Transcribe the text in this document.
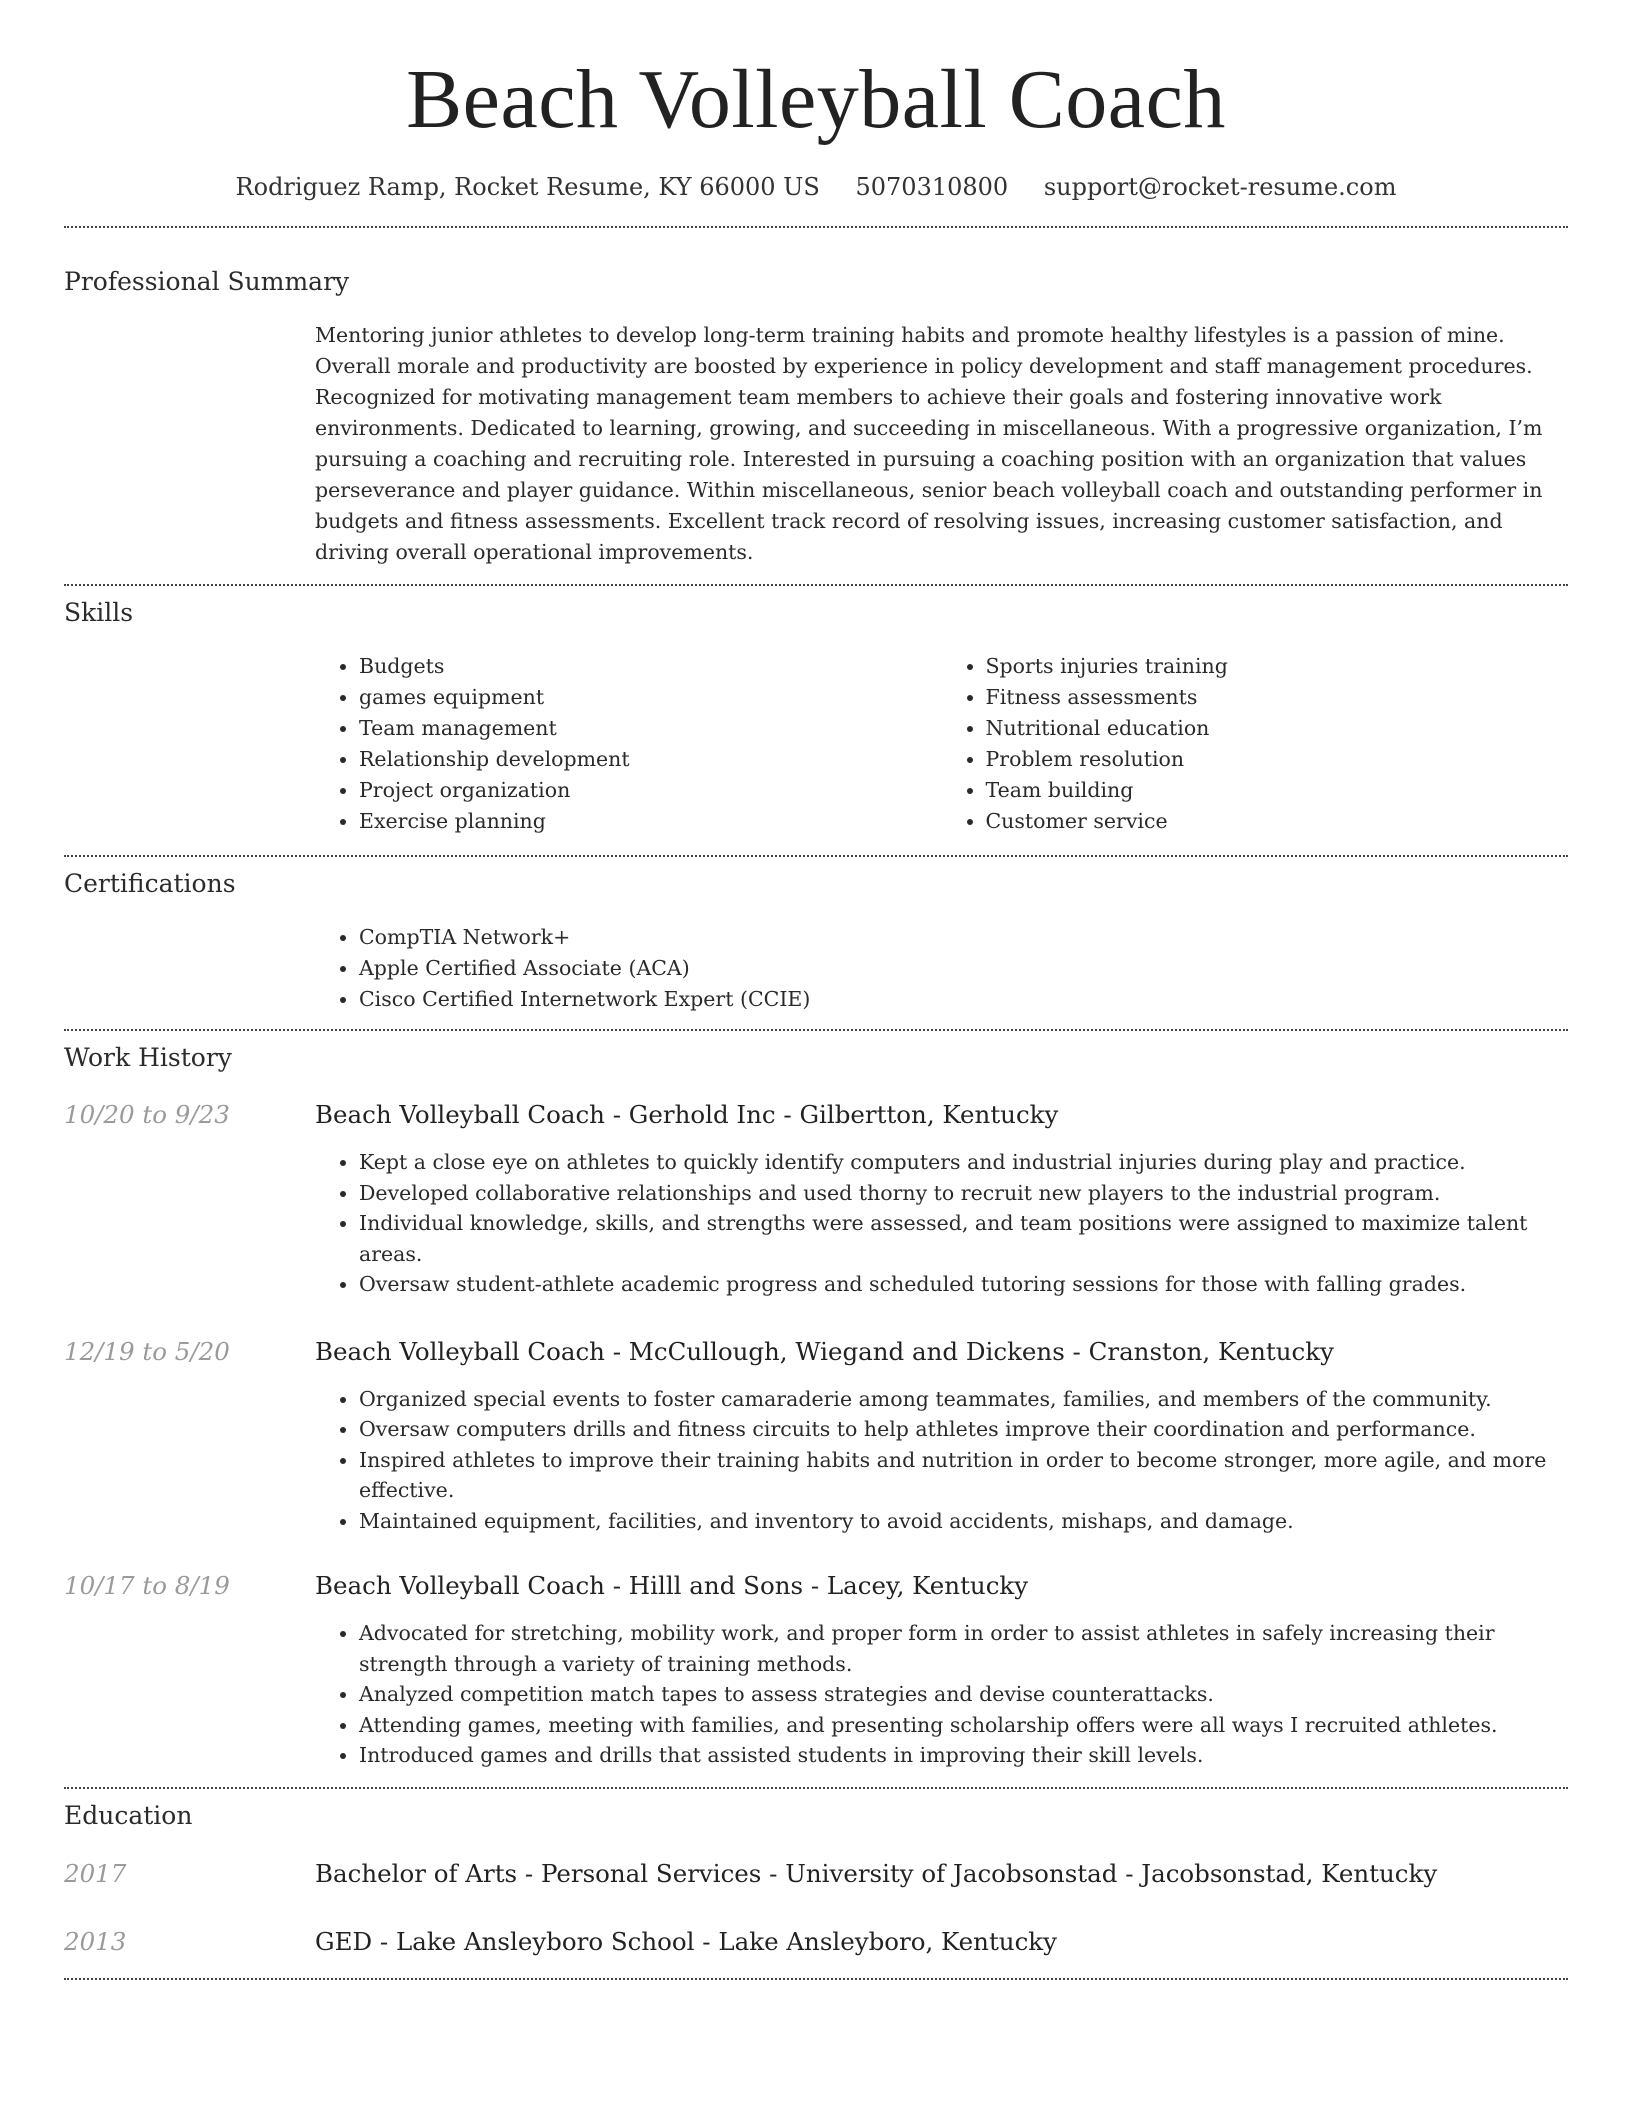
Beach Volleyball Coach
Rodriguez Ramp, Rocket Resume, KY 66000 US 5070310800 support@rocket-resume.com
Professional Summary

Mentoring junior athletes to develop long-term training habits and promote healthy lifestyles is a passion of mine. Overall morale and productivity are boosted by experience in policy development and staff management procedures. Recognized for motivating management team members to achieve their goals and fostering innovative work environments. Dedicated to learning, growing, and succeeding in miscellaneous. With a progressive organization, I’m pursuing a coaching and recruiting role. Interested in pursuing a coaching position with an organization that values perseverance and player guidance. Within miscellaneous, senior beach volleyball coach and outstanding performer in budgets and fitness assessments. Excellent track record of resolving issues, increasing customer satisfaction, and driving overall operational improvements.

Skills
• Budgets
• games equipment
• Team management
• Relationship development
• Project organization
• Exercise planning
• Sports injuries training
• Fitness assessments
• Nutritional education
• Problem resolution
• Team building
• Customer service
Certifications
• CompTIA Network+
• Apple Certified Associate (ACA)
• Cisco Certified Internetwork Expert (CCIE)
Work History
10/20 to 9/23	Beach Volleyball Coach - Gerhold Inc - Gilbertton, Kentucky
• Kept a close eye on athletes to quickly identify computers and industrial injuries during play and practice.
• Developed collaborative relationships and used thorny to recruit new players to the industrial program.
• Individual knowledge, skills, and strengths were assessed, and team positions were assigned to maximize talent areas.
• Oversaw student-athlete academic progress and scheduled tutoring sessions for those with falling grades.
12/19 to 5/20	Beach Volleyball Coach - McCullough, Wiegand and Dickens - Cranston, Kentucky
• Organized special events to foster camaraderie among teammates, families, and members of the community.
• Oversaw computers drills and fitness circuits to help athletes improve their coordination and performance.
• Inspired athletes to improve their training habits and nutrition in order to become stronger, more agile, and more effective.
• Maintained equipment, facilities, and inventory to avoid accidents, mishaps, and damage.
10/17 to 8/19	Beach Volleyball Coach - Hilll and Sons - Lacey, Kentucky
• Advocated for stretching, mobility work, and proper form in order to assist athletes in safely increasing their strength through a variety of training methods.
• Analyzed competition match tapes to assess strategies and devise counterattacks.
• Attending games, meeting with families, and presenting scholarship offers were all ways I recruited athletes.
• Introduced games and drills that assisted students in improving their skill levels.
Education
2017	Bachelor of Arts - Personal Services - University of Jacobsonstad - Jacobsonstad, Kentucky
2013	GED - Lake Ansleyboro School - Lake Ansleyboro, Kentucky
